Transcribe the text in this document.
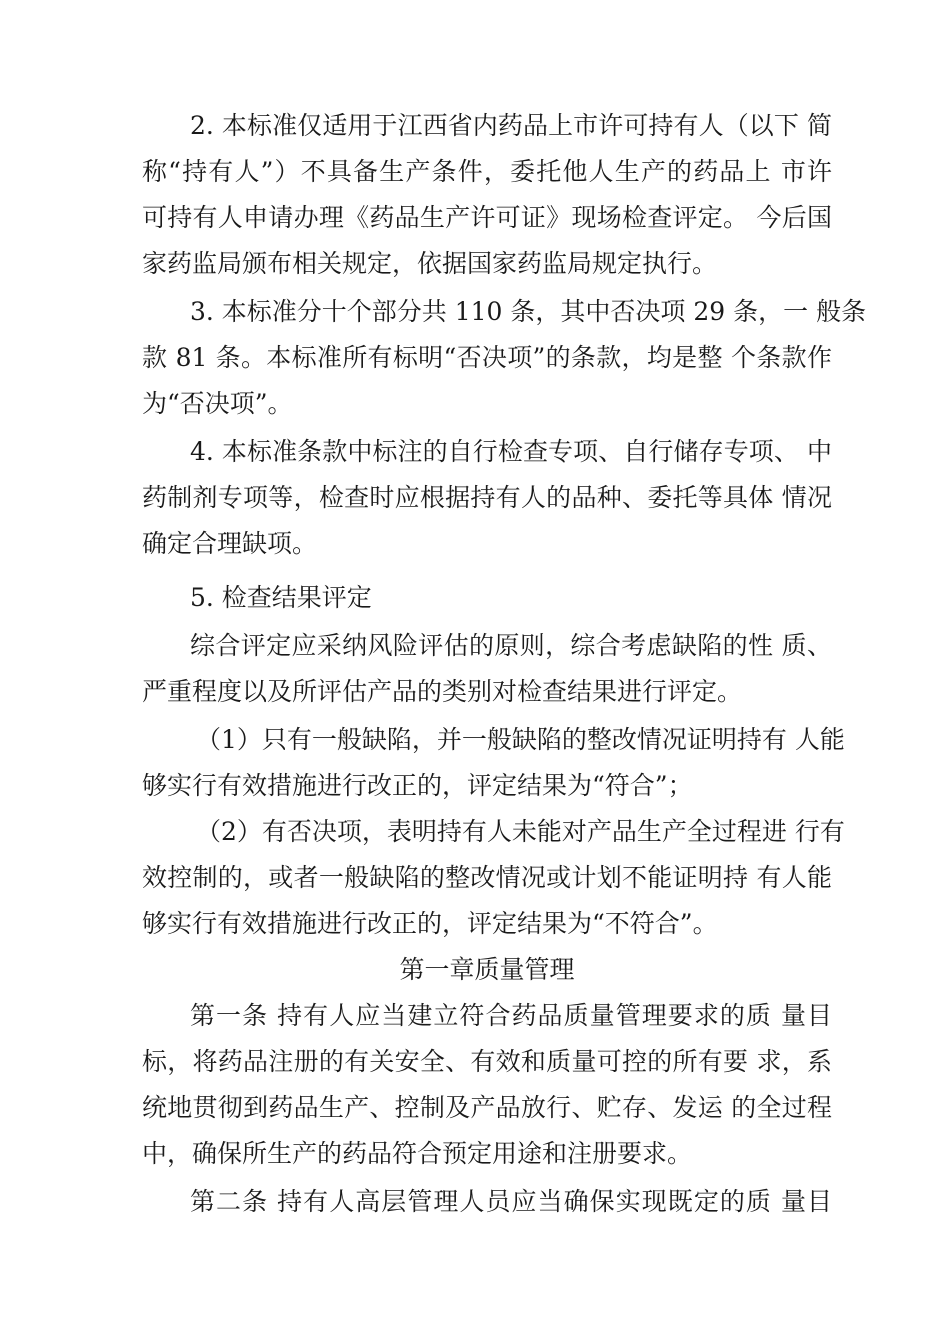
2. 本标准仅适用于江西省内药品上市许可持有人（以下 简
称“持有人”）不具备生产条件，委托他人生产的药品上 市许
可持有人申请办理《药品生产许可证》现场检查评定。 今后国
家药监局颁布相关规定，依据国家药监局规定执行。
3. 本标准分十个部分共 110 条，其中否决项 29 条，一 般条
款 81 条。本标准所有标明“否决项”的条款，均是整 个条款作
为“否决项”。
4. 本标准条款中标注的自行检查专项、自行储存专项、 中
药制剂专项等，检查时应根据持有人的品种、委托等具体 情况
确定合理缺项。
5. 检查结果评定
综合评定应采纳风险评估的原则，综合考虑缺陷的性 质、
严重程度以及所评估产品的类别对检查结果进行评定。
（1）只有一般缺陷，并一般缺陷的整改情况证明持有 人能
够实行有效措施进行改正的，评定结果为“符合”；
（2）有否决项，表明持有人未能对产品生产全过程进 行有
效控制的，或者一般缺陷的整改情况或计划不能证明持 有人能
够实行有效措施进行改正的，评定结果为“不符合”。
第一章质量管理
第一条 持有人应当建立符合药品质量管理要求的质 量目
标，将药品注册的有关安全、有效和质量可控的所有要 求，系
统地贯彻到药品生产、控制及产品放行、贮存、发运 的全过程
中，确保所生产的药品符合预定用途和注册要求。
第二条 持有人高层管理人员应当确保实现既定的质 量目
